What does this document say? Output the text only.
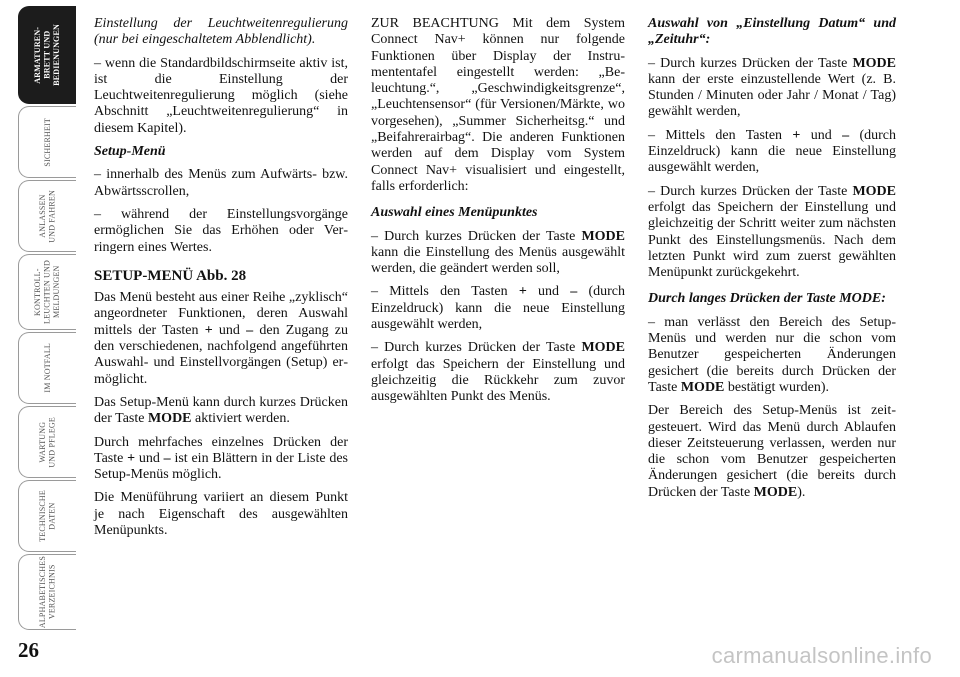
ARMATUREN-
BRETT UND
BEDIENUNGEN
SICHERHEIT
ANLASSEN
UND FAHREN
KONTROLL-
LEUCHTEN UND
MELDUNGEN
IM NOTFALL
WARTUNG
UND PFLEGE
TECHNISCHE
DATEN
ALPHABETISCHES
VERZEICHNIS
26

Einstellung der Leuchtweitenregulierung (nur bei eingeschaltetem Abblendlicht).

– wenn die Standardbildschirmseite aktiv ist, ist die Einstellung der Leuchtweitenregulierung möglich (siehe Abschnitt „Leuchtweitenregulierung“ in diesem Kapitel).

Setup-Menü

– innerhalb des Menüs zum Aufwärts- bzw. Abwärtsscrollen,

– während der Einstellungsvorgänge ermöglichen Sie das Erhöhen oder Verringern eines Wertes.

SETUP-MENÜ Abb. 28

Das Menü besteht aus einer Reihe „zyklisch“ angeordneter Funktionen, deren Auswahl mittels der Tasten + und – den Zugang zu den verschiedenen, nachfolgend angeführten Auswahl- und Einstellvorgängen (Setup) ermöglicht.

Das Setup-Menü kann durch kurzes Drücken der Taste MODE aktiviert werden.

Durch mehrfaches einzelnes Drücken der Taste + und – ist ein Blättern in der Liste des Setup-Menüs möglich.

Die Menüführung variiert an diesem Punkt je nach Eigenschaft des ausgewählten Menüpunkts.

ZUR BEACHTUNG Mit dem System Connect Nav+ können nur folgende Funktionen über Display der Instrumententafel eingestellt werden: „Beleuchtung.“, „Geschwindigkeitsgrenze“, „Leuchtensensor“ (für Versionen/Märkte, wo vorgesehen), „Summer Sicherheitsg.“ und „Beifahrerairbag“. Die anderen Funktionen werden auf dem Display vom System Connect Nav+ visualisiert und eingestellt, falls erforderlich:

Auswahl eines Menüpunktes

– Durch kurzes Drücken der Taste MODE kann die Einstellung des Menüs ausgewählt werden, die geändert werden soll,

– Mittels den Tasten + und – (durch Einzeldruck) kann die neue Einstellung ausgewählt werden,

– Durch kurzes Drücken der Taste MODE erfolgt das Speichern der Einstellung und gleichzeitig die Rückkehr zum zuvor ausgewählten Punkt des Menüs.

Auswahl von „Einstellung Datum“ und „Zeituhr“:

– Durch kurzes Drücken der Taste MODE kann der erste einzustellende Wert (z. B. Stunden / Minuten oder Jahr / Monat / Tag) gewählt werden,

– Mittels den Tasten + und – (durch Einzeldruck) kann die neue Einstellung ausgewählt werden,

– Durch kurzes Drücken der Taste MODE erfolgt das Speichern der Einstellung und gleichzeitig der Schritt weiter zum nächsten Punkt des Einstellungsmenüs. Nach dem letzten Punkt wird zum zuerst gewählten Menüpunkt zurückgekehrt.

Durch langes Drücken der Taste MODE:

– man verlässt den Bereich des Setup-Menüs und werden nur die schon vom Benutzer gespeicherten Änderungen gesichert (die bereits durch Drücken der Taste MODE bestätigt wurden).

Der Bereich des Setup-Menüs ist zeitgesteuert. Wird das Menü durch Ablaufen dieser Zeitsteuerung verlassen, werden nur die schon vom Benutzer gespeicherten Änderungen gesichert (die bereits durch Drücken der Taste MODE).

carmanualsonline.info
